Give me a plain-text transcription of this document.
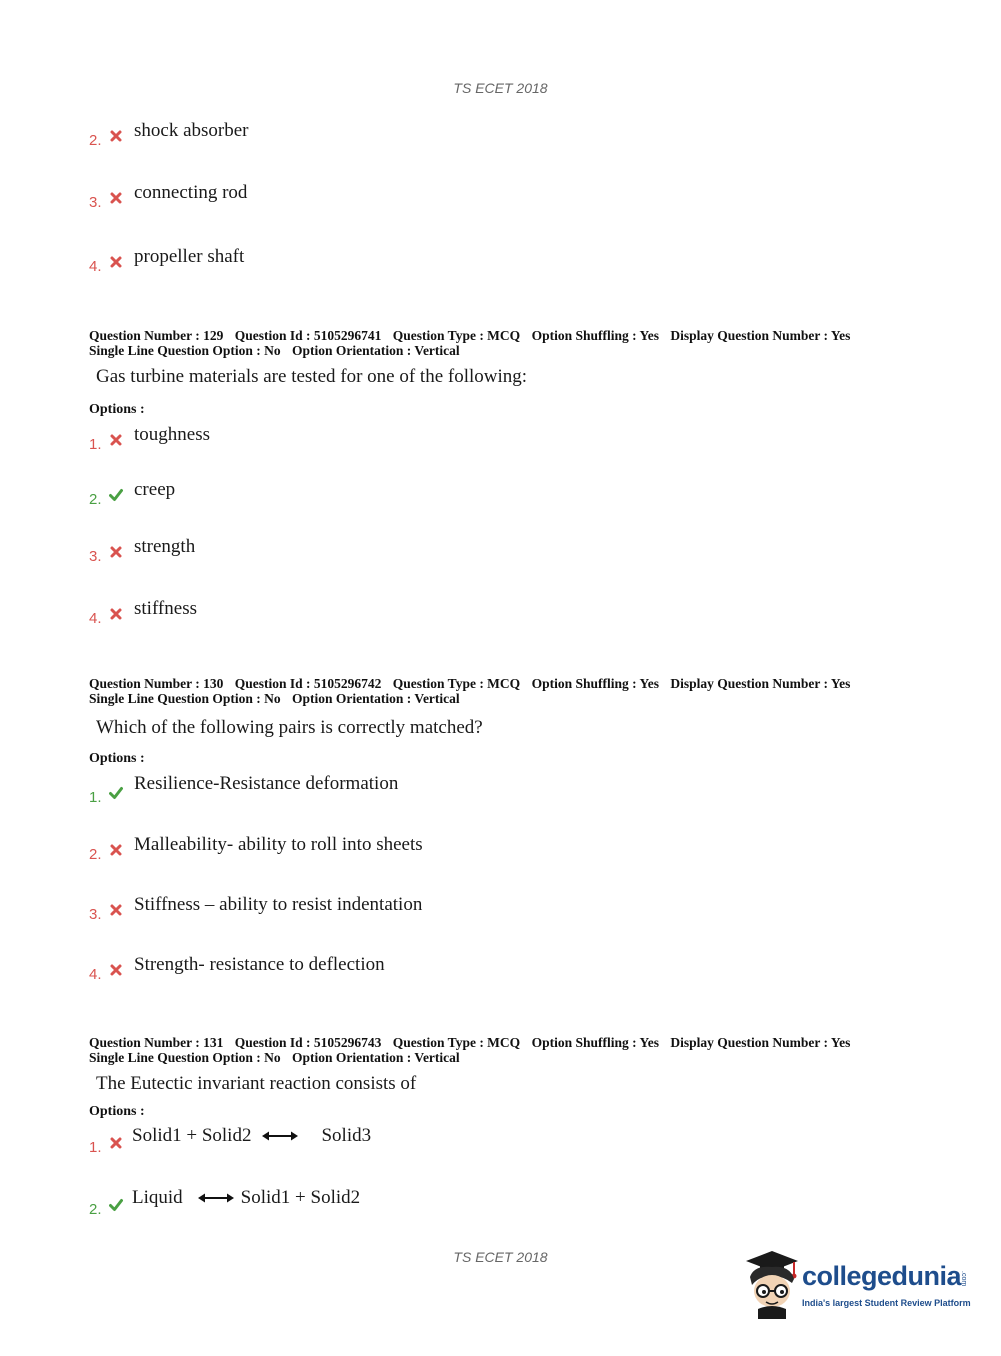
TS ECET 2018
2. shock absorber
3. connecting rod
4. propeller shaft
Question Number : 129 Question Id : 5105296741 Question Type : MCQ Option Shuffling : Yes Display Question Number : Yes
Single Line Question Option : No Option Orientation : Vertical
Gas turbine materials are tested for one of the following:
Options :
1. toughness
2. creep
3. strength
4. stiffness
Question Number : 130 Question Id : 5105296742 Question Type : MCQ Option Shuffling : Yes Display Question Number : Yes
Single Line Question Option : No Option Orientation : Vertical
Which of the following pairs is correctly matched?
Options :
1.
Resilience-Resistance deformation
2. Malleability- ability to roll into sheets
3. Stiffness – ability to resist indentation
4. Strength- resistance to deflection
Question Number : 131 Question Id : 5105296743 Question Type : MCQ Option Shuffling : Yes Display Question Number : Yes
Single Line Question Option : No Option Orientation : Vertical
The Eutectic invariant reaction consists of
Options :
1.
Solid1 + Solid2	Solid3
2.
Liquid	Solid1 + Solid2
TS ECET 2018
collegedunia
.com
India's largest Student Review Platform
